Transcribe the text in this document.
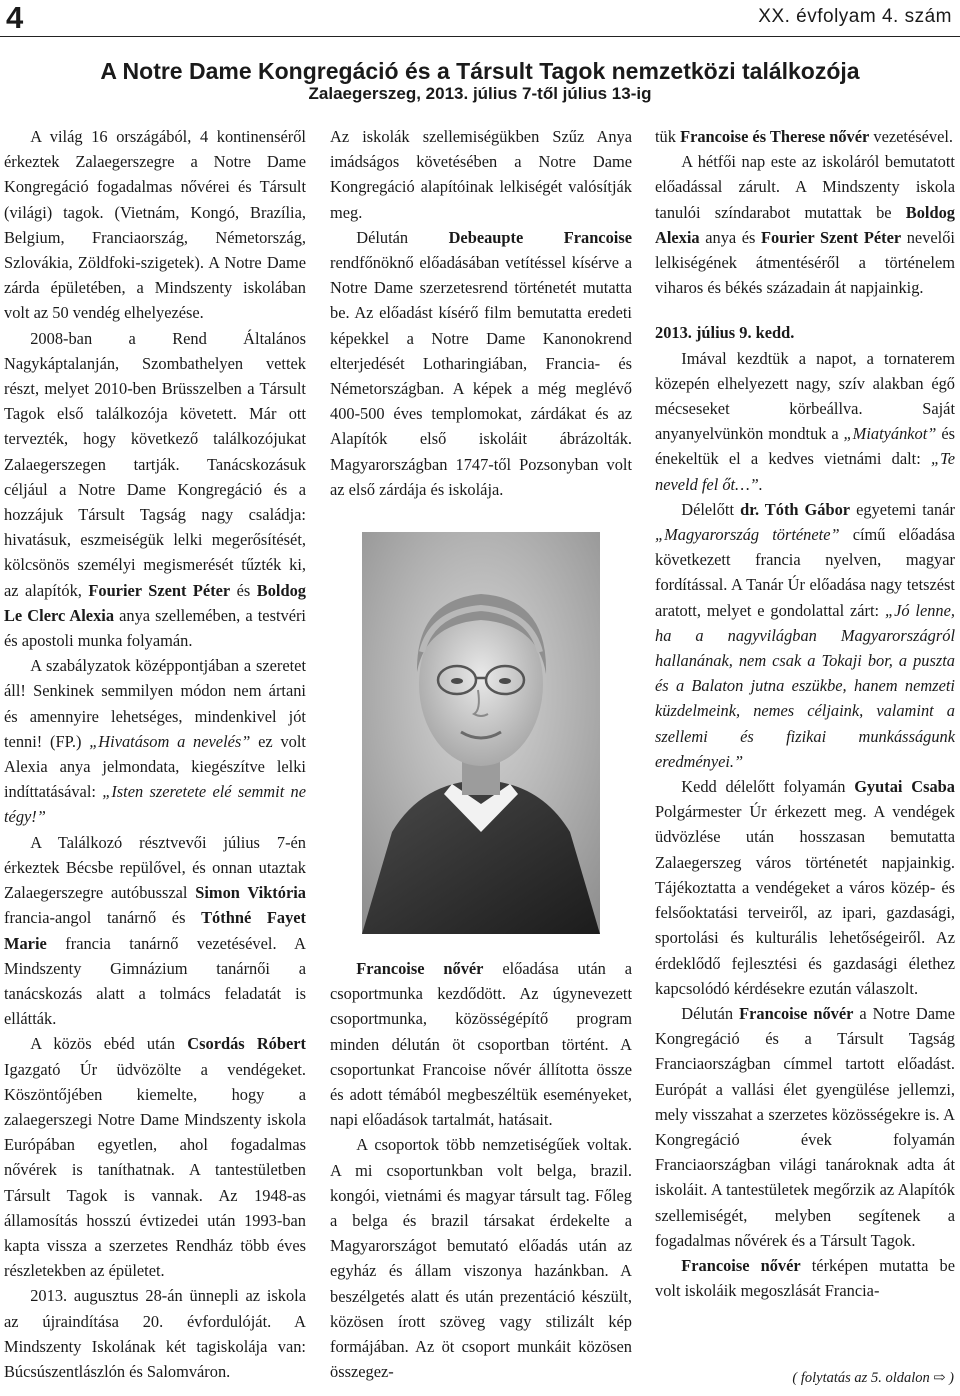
4	XX. évfolyam 4. szám
A Notre Dame Kongregáció és a Társult Tagok nemzetközi találkozója
Zalaegerszeg, 2013. július 7-től július 13-ig

A világ 16 országából, 4 kontinenséről érkeztek Zalaegerszegre a Notre Dame Kongregáció fogadalmas nővérei és Társult (világi) tagok. (Vietnám, Kongó, Brazília, Belgium, Franciaország, Németország, Szlovákia, Zöldfoki-szigetek). A Notre Dame zárda épületében, a Mindszenty iskolában volt az 50 vendég elhelyezése.

2008-ban a Rend Általános Nagykáptalanján, Szombathelyen vettek részt, melyet 2010-ben Brüsszelben a Társult Tagok első találkozója követett. Már ott tervezték, hogy következő találkozójukat Zalaegerszegen tartják. Tanácskozásuk céljául a Notre Dame Kongregáció és a hozzájuk Társult Tagság nagy családja: hivatásuk, eszmeiségük lelki megerősítését, kölcsönös személyi megismerését tűzték ki, az alapítók, Fourier Szent Péter és Boldog Le Clerc Alexia anya szellemében, a testvéri és apostoli munka folyamán.

A szabályzatok középpontjában a szeretet áll! Senkinek semmilyen módon nem ártani és amennyire lehetséges, mindenkivel jót tenni! (FP.) „Hivatásom a nevelés” ez volt Alexia anya jelmondata, kiegészítve lelki indíttatásával: „Isten szeretete elé semmit ne tégy!”

A Találkozó résztvevői július 7-én érkeztek Bécsbe repülővel, és onnan utaztak Zalaegerszegre autóbusszal Simon Viktória francia-angol tanárnő és Tóthné Fayet Marie francia tanárnő vezetésével. A Mindszenty Gimnázium tanárnői a tanácskozás alatt a tolmács feladatát is ellátták.

A közös ebéd után Csordás Róbert Igazgató Úr üdvözölte a vendégeket. Köszöntőjében kiemelte, hogy a zalaegerszegi Notre Dame Mindszenty iskola Európában egyetlen, ahol fogadalmas nővérek is taníthatnak. A tantestületben Társult Tagok is vannak. Az 1948-as államosítás hosszú évtizedei után 1993-ban kapta vissza a szerzetes Rendház több éves részletekben az épületet.

2013. augusztus 28-án ünnepli az iskola az újraindítása 20. évfordulóját. A Mindszenty Iskolának két tagiskolája van: Búcsúszentlászlón és Salomváron.

Az iskolák szellemiségükben Szűz Anya imádságos követésében a Notre Dame Kongregáció alapítóinak lelkiségét valósítják meg.

Délután Debeaupte Francoise rendfőnöknő előadásában vetítéssel kísérve a Notre Dame szerzetesrend történetét mutatta be. Az előadást kísérő film bemutatta eredeti képekkel a Notre Dame Kanonokrend elterjedését Lotharingiában, Francia- és Németországban. A képek a még meglévő 400-500 éves templomokat, zárdákat és az Alapítók első iskoláit ábrázolták. Magyarországban 1747-től Pozsonyban volt az első zárdája és iskolája.

Francoise nővér előadása után a csoportmunka kezdődött. Az úgynevezett csoportmunka, közösségépítő program minden délután öt csoportban történt. A csoportunkat Francoise nővér állította össze és adott témából megbeszéltük eseményeket, napi előadások tartalmát, hatásait.

A csoportok több nemzetiségűek voltak. A mi csoportunkban volt belga, brazil. kongói, vietnámi és magyar társult tag. Főleg a belga és brazil társakat érdekelte a Magyarországot bemutató előadás után az egyház és állam viszonya hazánkban. A beszélgetés alatt és után prezentáció készült, közösen írott szöveg vagy stilizált kép formájában. Az öt csoport munkáit közösen összegez-

tük Francoise és Therese nővér vezetésével.

A hétfői nap este az iskoláról bemutatott előadással zárult. A Mindszenty iskola tanulói színdarabot mutattak be Boldog Alexia anya és Fourier Szent Péter nevelői lelkiségének átmentéséről a történelem viharos és békés századain át napjainkig.

2013. július 9. kedd.

Imával kezdtük a napot, a tornaterem közepén elhelyezett nagy, szív alakban égő mécseseket körbeállva. Saját anyanyelvünkön mondtuk a „Miatyánkot” és énekeltük el a kedves vietnámi dalt: „Te neveld fel őt…”.

Délelőtt dr. Tóth Gábor egyetemi tanár „Magyarország története” című előadása következett francia nyelven, magyar fordítással. A Tanár Úr előadása nagy tetszést aratott, melyet e gondolattal zárt: „Jó lenne, ha a nagyvilágban Magyarországról hallanának, nem csak a Tokaji bor, a puszta és a Balaton jutna eszükbe, hanem nemzeti küzdelmeink, nemes céljaink, valamint a szellemi és fizikai munkásságunk eredményei.”

Kedd délelőtt folyamán Gyutai Csaba Polgármester Úr érkezett meg. A vendégek üdvözlése után hosszasan bemutatta Zalaegerszeg város történetét napjainkig. Tájékoztatta a vendégeket a város közép- és felsőoktatási terveiről, az ipari, gazdasági, sportolási és kulturális lehetőségeiről. Az érdeklődő fejlesztési és gazdasági élethez kapcsolódó kérdésekre ezután válaszolt.

Délután Francoise nővér a Notre Dame Kongregáció és a Társult Tagság Franciaországban címmel tartott előadást. Európát a vallási élet gyengülése jellemzi, mely visszahat a szerzetes közösségekre is. A Kongregáció évek folyamán Franciaországban világi tanároknak adta át iskoláit. A tantestületek megőrzik az Alapítók szellemiségét, melyben segítenek a fogadalmas nővérek és a Társult Tagok.

Francoise nővér térképen mutatta be volt iskoláik megoszlását Francia-

( folytatás az 5. oldalon ⇨ )
